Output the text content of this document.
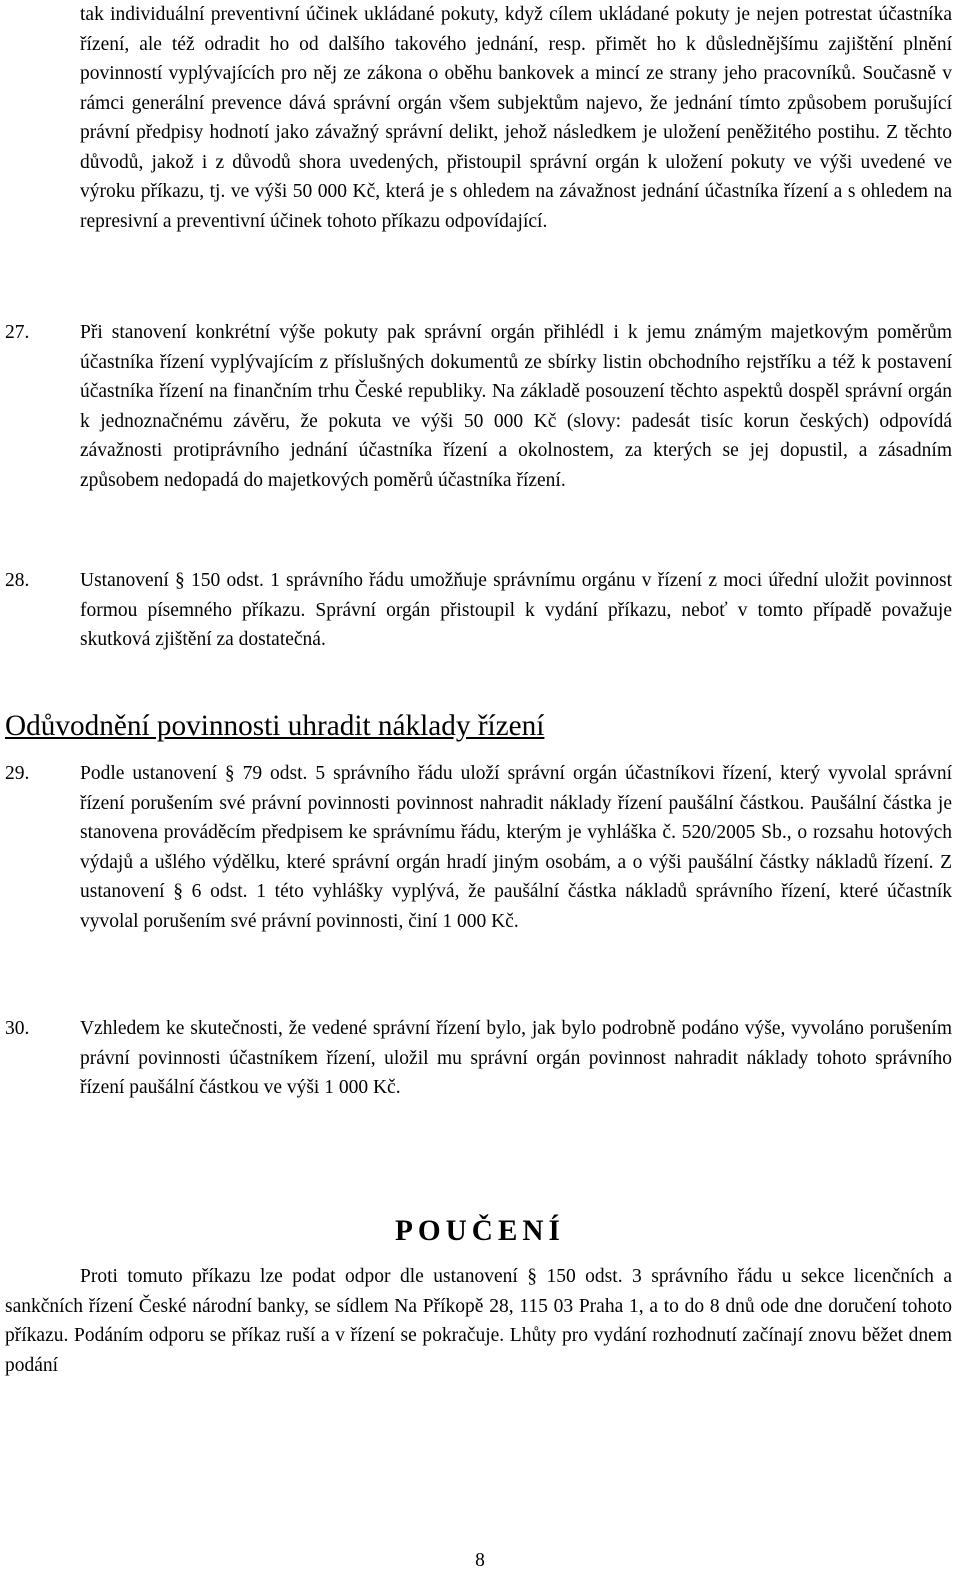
tak individuální preventivní účinek ukládané pokuty, když cílem ukládané pokuty je nejen potrestat účastníka řízení, ale též odradit ho od dalšího takového jednání, resp. přimět ho k důslednějšímu zajištění plnění povinností vyplývajících pro něj ze zákona o oběhu bankovek a mincí ze strany jeho pracovníků. Současně v rámci generální prevence dává správní orgán všem subjektům najevo, že jednání tímto způsobem porušující právní předpisy hodnotí jako závažný správní delikt, jehož následkem je uložení peněžitého postihu. Z těchto důvodů, jakož i z důvodů shora uvedených, přistoupil správní orgán k uložení pokuty ve výši uvedené ve výroku příkazu, tj. ve výši 50 000 Kč, která je s ohledem na závažnost jednání účastníka řízení a s ohledem na represivní a preventivní účinek tohoto příkazu odpovídající.

27.	Při stanovení konkrétní výše pokuty pak správní orgán přihlédl i k jemu známým majetkovým poměrům účastníka řízení vyplývajícím z příslušných dokumentů ze sbírky listin obchodního rejstříku a též k postavení účastníka řízení na finančním trhu České republiky. Na základě posouzení těchto aspektů dospěl správní orgán k jednoznačnému závěru, že pokuta ve výši 50 000 Kč (slovy: padesát tisíc korun českých) odpovídá závažnosti protiprávního jednání účastníka řízení a okolnostem, za kterých se jej dopustil, a zásadním způsobem nedopadá do majetkových poměrů účastníka řízení.

28.	Ustanovení § 150 odst. 1 správního řádu umožňuje správnímu orgánu v řízení z moci úřední uložit povinnost formou písemného příkazu. Správní orgán přistoupil k vydání příkazu, neboť v tomto případě považuje skutková zjištění za dostatečná.

Odůvodnění povinnosti uhradit náklady řízení
29.	Podle ustanovení § 79 odst. 5 správního řádu uloží správní orgán účastníkovi řízení, který vyvolal správní řízení porušením své právní povinnosti povinnost nahradit náklady řízení paušální částkou. Paušální částka je stanovena prováděcím předpisem ke správnímu řádu, kterým je vyhláška č. 520/2005 Sb., o rozsahu hotových výdajů a ušlého výdělku, které správní orgán hradí jiným osobám, a o výši paušální částky nákladů řízení. Z ustanovení § 6 odst. 1 této vyhlášky vyplývá, že paušální částka nákladů správního řízení, které účastník vyvolal porušením své právní povinnosti, činí 1 000 Kč.

30.	Vzhledem ke skutečnosti, že vedené správní řízení bylo, jak bylo podrobně podáno výše, vyvoláno porušením právní povinnosti účastníkem řízení, uložil mu správní orgán povinnost nahradit náklady tohoto správního řízení paušální částkou ve výši 1 000 Kč.

POUČENÍ

Proti tomuto příkazu lze podat odpor dle ustanovení § 150 odst. 3 správního řádu u sekce licenčních a sankčních řízení České národní banky, se sídlem Na Příkopě 28, 115 03 Praha 1, a to do 8 dnů ode dne doručení tohoto příkazu. Podáním odporu se příkaz ruší a v řízení se pokračuje. Lhůty pro vydání rozhodnutí začínají znovu běžet dnem podání

8
